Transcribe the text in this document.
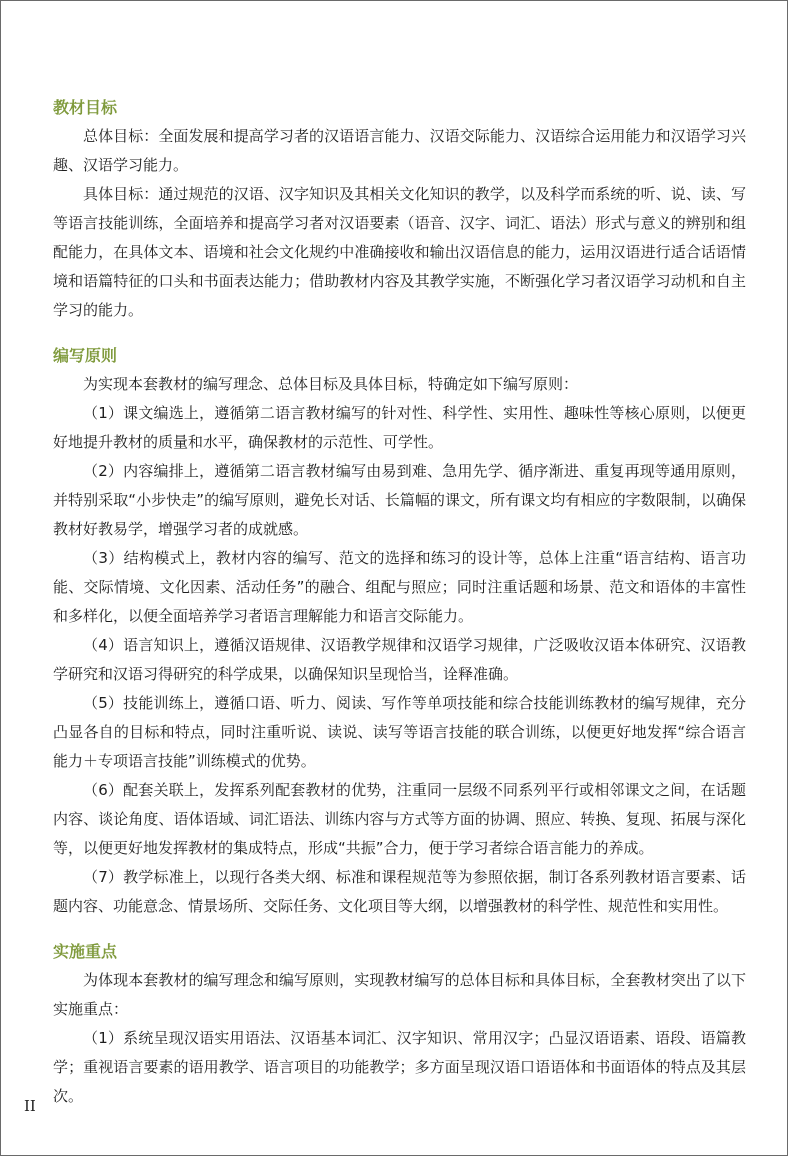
教材目标

总体目标：全面发展和提高学习者的汉语语言能力、汉语交际能力、汉语综合运用能力和汉语学习兴趣、汉语学习能力。

具体目标：通过规范的汉语、汉字知识及其相关文化知识的教学，以及科学而系统的听、说、读、写等语言技能训练，全面培养和提高学习者对汉语要素（语音、汉字、词汇、语法）形式与意义的辨别和组配能力，在具体文本、语境和社会文化规约中准确接收和输出汉语信息的能力，运用汉语进行适合话语情境和语篇特征的口头和书面表达能力；借助教材内容及其教学实施，不断强化学习者汉语学习动机和自主学习的能力。

编写原则

为实现本套教材的编写理念、总体目标及具体目标，特确定如下编写原则：

（1）课文编选上，遵循第二语言教材编写的针对性、科学性、实用性、趣味性等核心原则，以便更好地提升教材的质量和水平，确保教材的示范性、可学性。

（2）内容编排上，遵循第二语言教材编写由易到难、急用先学、循序渐进、重复再现等通用原则，并特别采取“小步快走”的编写原则，避免长对话、长篇幅的课文，所有课文均有相应的字数限制，以确保教材好教易学，增强学习者的成就感。

（3）结构模式上，教材内容的编写、范文的选择和练习的设计等，总体上注重“语言结构、语言功能、交际情境、文化因素、活动任务”的融合、组配与照应；同时注重话题和场景、范文和语体的丰富性和多样化，以便全面培养学习者语言理解能力和语言交际能力。

（4）语言知识上，遵循汉语规律、汉语教学规律和汉语学习规律，广泛吸收汉语本体研究、汉语教学研究和汉语习得研究的科学成果，以确保知识呈现恰当，诠释准确。

（5）技能训练上，遵循口语、听力、阅读、写作等单项技能和综合技能训练教材的编写规律，充分凸显各自的目标和特点，同时注重听说、读说、读写等语言技能的联合训练，以便更好地发挥“综合语言能力＋专项语言技能”训练模式的优势。

（6）配套关联上，发挥系列配套教材的优势，注重同一层级不同系列平行或相邻课文之间，在话题内容、谈论角度、语体语域、词汇语法、训练内容与方式等方面的协调、照应、转换、复现、拓展与深化等，以便更好地发挥教材的集成特点，形成“共振”合力，便于学习者综合语言能力的养成。

（7）教学标准上，以现行各类大纲、标准和课程规范等为参照依据，制订各系列教材语言要素、话题内容、功能意念、情景场所、交际任务、文化项目等大纲，以增强教材的科学性、规范性和实用性。

实施重点

为体现本套教材的编写理念和编写原则，实现教材编写的总体目标和具体目标，全套教材突出了以下实施重点：

（1）系统呈现汉语实用语法、汉语基本词汇、汉字知识、常用汉字；凸显汉语语素、语段、语篇教学；重视语言要素的语用教学、语言项目的功能教学；多方面呈现汉语口语语体和书面语体的特点及其层次。

II
